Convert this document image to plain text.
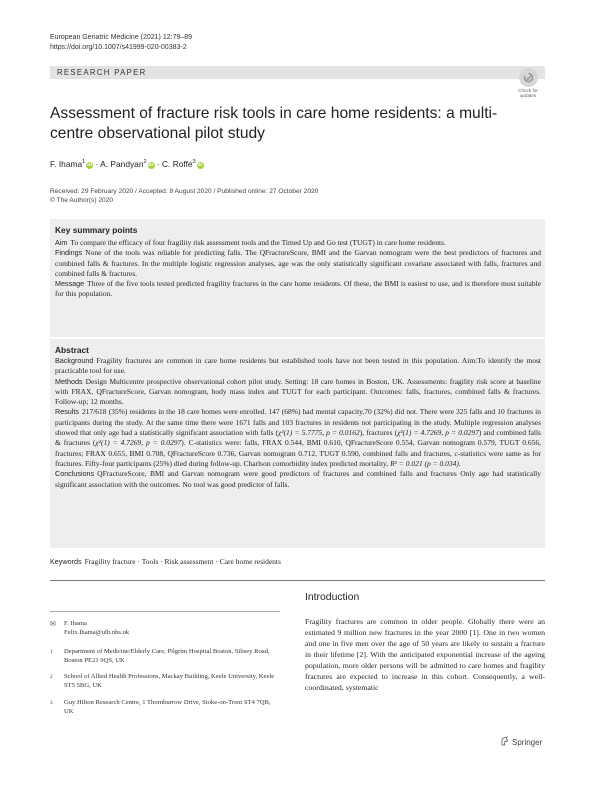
European Geriatric Medicine (2021) 12:79–89
https://doi.org/10.1007/s41999-020-00383-2
RESEARCH PAPER
Check for updates
Assessment of fracture risk tools in care home residents: a multi-centre observational pilot study
F. Ihama$^1$iD · A. Pandyan$^2$iD · C. Roffe$^3$iD
Received: 29 February 2020 / Accepted: 8 August 2020 / Published online: 27 October 2020
© The Author(s) 2020
Key summary points

Aim To compare the efficacy of four fragility risk assessment tools and the Timed Up and Go test (TUGT) in care home residents.

Findings None of the tools was reliable for predicting falls. The QFractureScore, BMI and the Garvan nomogram were the best predictors of fractures and combined falls & fractures. In the multiple logistic regression analyses, age was the only statistically significant covariate associated with falls, fractures and combined falls & fractures.

Message Three of the five tools tested predicted fragility fractures in the care home residents. Of these, the BMI is easiest to use, and is therefore most suitable for this population.

Abstract

Background Fragility fractures are common in care home residents but established tools have not been tested in this population. Aim:To identify the most practicable tool for use.

Methods Design Multicentre prospective observational cohort pilot study. Setting: 18 care homes in Boston, UK. Assessments: fragility risk score at baseline with FRAX, QFractureScore, Garvan nomogram, body mass index and TUGT for each participant. Outcomes: falls, fractures, combined falls & fractures. Follow-up; 12 months.

Results 217/618 (35%) residents in the 18 care homes were enrolled. 147 (68%) had mental capacity,70 (32%) did not. There were 325 falls and 10 fractures in participants during the study. At the same time there were 1671 falls and 103 fractures in residents not participating in the study. Multiple regression analyses showed that only age had a statistically significant association with falls (χ²(1) = 5.7775, p = 0.0162), fractures (χ²(1) = 4.7269, p = 0.0297) and combined falls & fractures (χ²(1) = 4.7269, p = 0.0297). C-statistics were: falls, FRAX 0.544, BMI 0.610, QFractureScore 0.554, Garvan nomogram 0.579, TUGT 0.656, fractures; FRAX 0.655, BMI 0.708, QFractureScore 0.736, Garvan nomogram 0.712, TUGT 0.590, combined falls and fractures, c-statistics were same as for fractures. Fifty-four participants (25%) died during follow-up. Charlson comorbidity index predicted mortality, R² = 0.021 (p = 0.034).

Conclusions QFractureScore, BMI and Garvan nomogram were good predictors of fractures and combined falls and fractures Only age had statistically significant association with the outcomes. No tool was good predictor of falls.

Keywords Fragility fracture · Tools · Risk assessment · Care home residents
✉ F. Ihama
Felix.Ihama@ulh.nhs.uk
1 Department of Medicine/Elderly Care, Pilgrim Hospital Boston, Sibsey Road, Boston PE21 9QS, UK
2 School of Allied Health Professions, Mackay Building, Keele University, Keele ST5 5BG, UK
3 Guy Hilton Research Centre, 1 Thornburrow Drive, Stoke-on-Trent ST4 7QB, UK
Introduction

Fragility fractures are common in older people. Globally there were an estimated 9 million new fractures in the year 2000 [1]. One in two women and one in five men over the age of 50 years are likely to sustain a fracture in their lifetime [2]. With the anticipated exponential increase of the ageing population, more older persons will be admitted to care homes and fragility fractures are expected to increase in this cohort. Consequently, a well-coordinated, systematic

Springer
